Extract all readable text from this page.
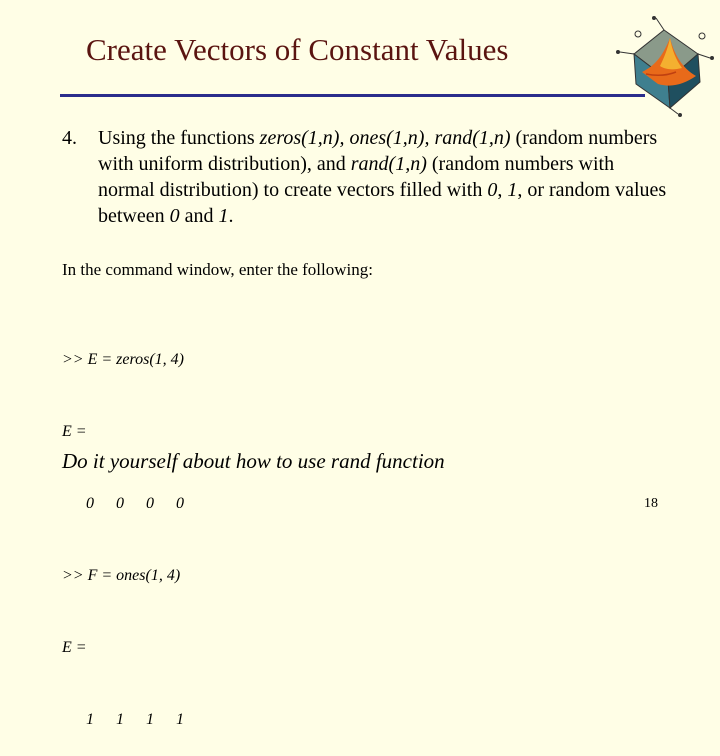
Create Vectors of Constant Values
4. Using the functions zeros(1,n), ones(1,n), rand(1,n) (random numbers with uniform distribution), and rand(1,n) (random numbers with normal distribution) to create vectors filled with 0, 1, or random values between 0 and 1.
In the command window, enter the following:

>> E = zeros(1, 4)

E =

0 0 0 0

>> F = ones(1, 4)

E =

1 1 1 1

Do it yourself about how to use rand function
18
